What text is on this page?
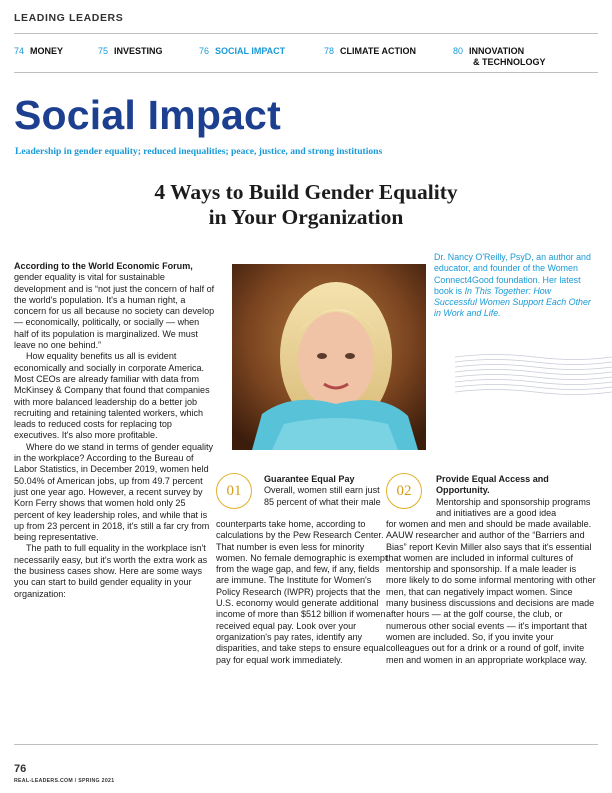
LEADING LEADERS
74 MONEY	75 INVESTING	76 SOCIAL IMPACT	78 CLIMATE ACTION	80 INNOVATION
& TECHNOLOGY
Social Impact
Leadership in gender equality; reduced inequalities; peace, justice, and strong institutions
4 Ways to Build Gender Equality
in Your Organization

According to the World Economic Forum, gender equality is vital for sustainable development and is “not just the concern of half of the world's population. It's a human right, a concern for us all because no society can develop — economically, politically, or socially — when half of its population is marginalized. We must leave no one behind.”

How equality benefits us all is evident economically and socially in corporate America. Most CEOs are already familiar with data from McKinsey & Company that found that companies with more balanced leadership do a better job recruiting and retaining talented workers, which leads to reduced costs for replacing top executives. It's also more profitable.

Where do we stand in terms of gender equality in the workplace? According to the Bureau of Labor Statistics, in December 2019, women held 50.04% of American jobs, up from 49.7 percent just one year ago. However, a recent survey by Korn Ferry shows that women hold only 25 percent of key leadership roles, and while that is up from 23 percent in 2018, it's still a far cry from being representative.

The path to full equality in the workplace isn't necessarily easy, but it's worth the extra work as the business cases show. Here are some ways you can start to build gender equality in your organization:

Dr. Nancy O'Reilly, PsyD, an author and educator, and founder of the Women Connect4Good foundation. Her latest book is In This Together: How Successful Women Support Each Other in Work and Life.
01

Guarantee Equal Pay

Overall, women still earn just 85 percent of what their male

counterparts take home, according to calculations by the Pew Research Center. That number is even less for minority women. No female demographic is exempt from the wage gap, and few, if any, fields are immune. The Institute for Women's Policy Research (IWPR) projects that the U.S. economy would generate additional income of more than $512 billion if women received equal pay. Look over your organization's pay rates, identify any disparities, and take steps to ensure equal pay for equal work immediately.
02

Provide Equal Access and Opportunity.

Mentorship and sponsorship programs and initiatives are a good idea

for women and men and should be made available. AAUW researcher and author of the “Barriers and Bias” report Kevin Miller also says that it's essential that women are included in informal cultures of mentorship and sponsorship. If a male leader is more likely to do some informal mentoring with other men, that can negatively impact women. Since many business discussions and decisions are made after hours — at the golf course, the club, or numerous other social events — it's important that women are included. So, if you invite your colleagues out for a drink or a round of golf, invite men and women in an appropriate workplace way.
76
REAL-LEADERS.COM / SPRING 2021
